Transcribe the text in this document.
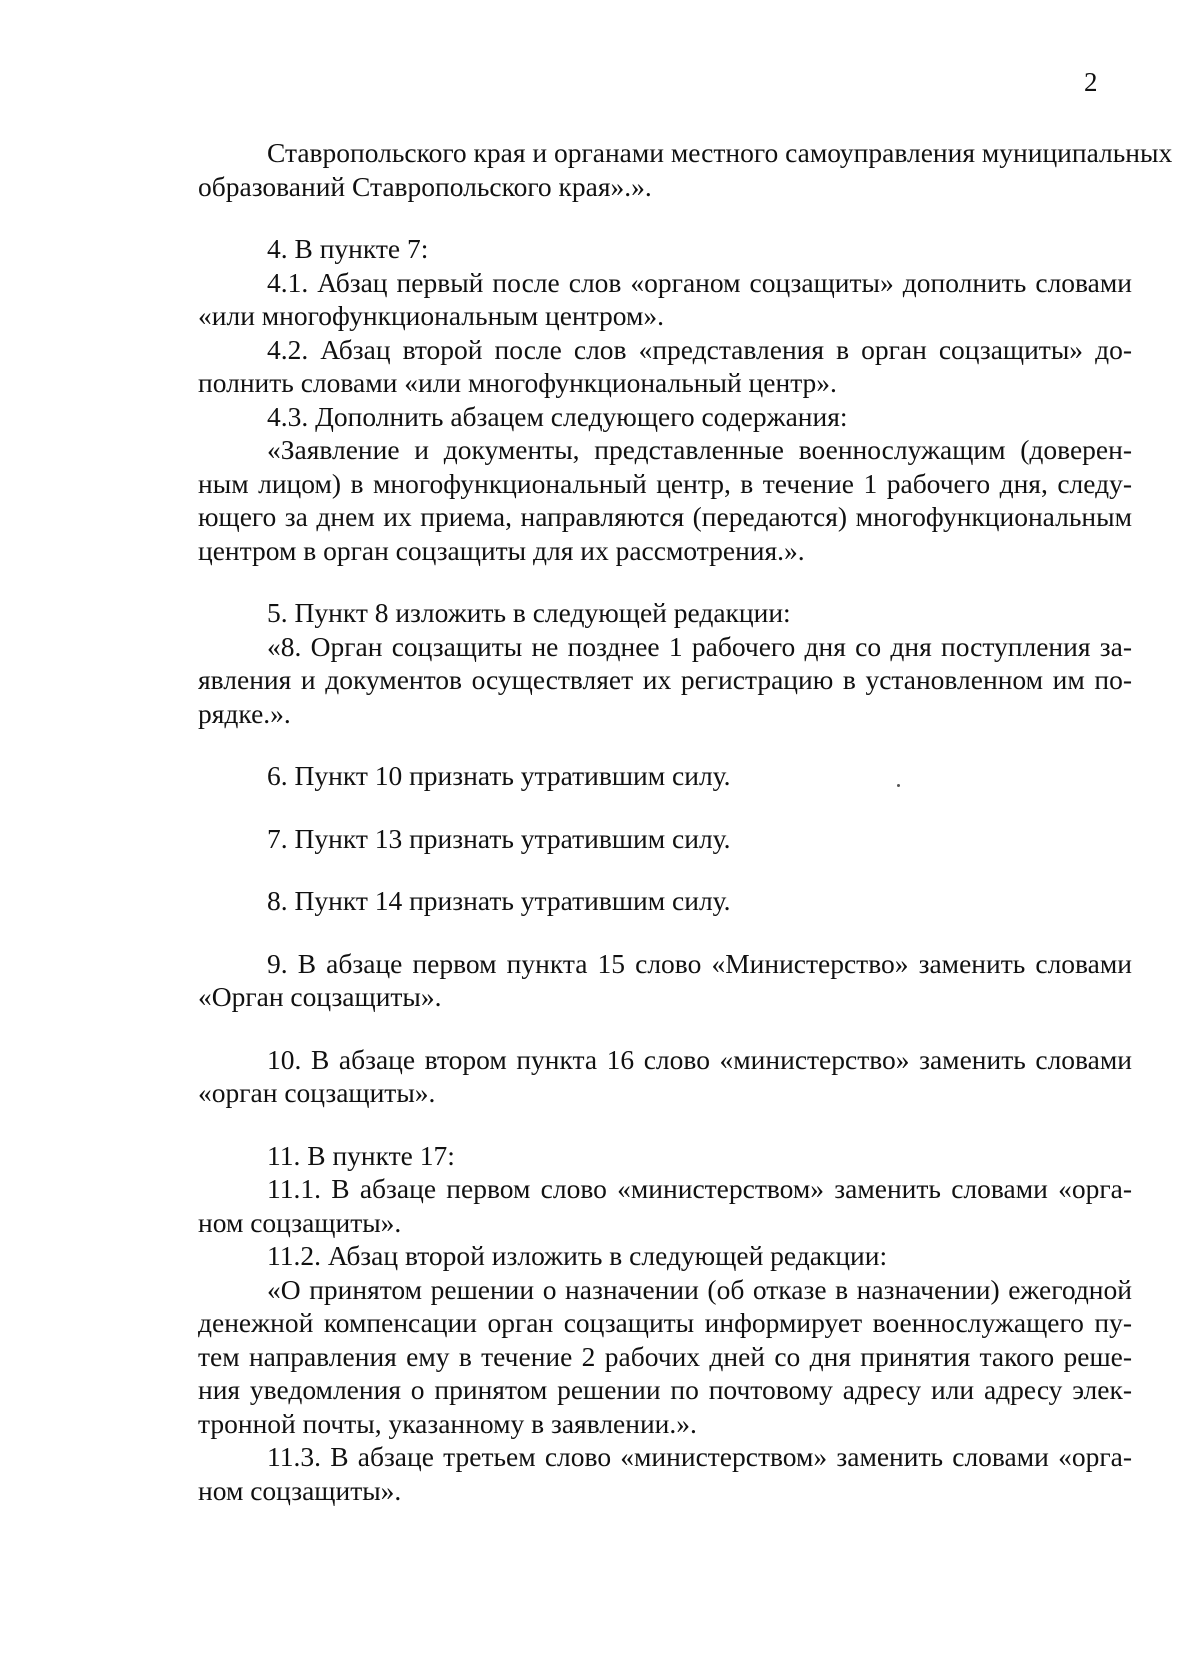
2
Ставропольского края и органами местного самоуправления муниципальных
образований Ставропольского края».».
4. В пункте 7:
4.1. Абзац первый после слов «органом соцзащиты» дополнить словами
«или многофункциональным центром».
4.2. Абзац второй после слов «представления в орган соцзащиты» до-
полнить словами «или многофункциональный центр».
4.3. Дополнить абзацем следующего содержания:
«Заявление и документы, представленные военнослужащим (доверен-
ным лицом) в многофункциональный центр, в течение 1 рабочего дня, следу-
ющего за днем их приема, направляются (передаются) многофункциональным
центром в орган соцзащиты для их рассмотрения.».
5. Пункт 8 изложить в следующей редакции:
«8. Орган соцзащиты не позднее 1 рабочего дня со дня поступления за-
явления и документов осуществляет их регистрацию в установленном им по-
рядке.».
6. Пункт 10 признать утратившим силу.
7. Пункт 13 признать утратившим силу.
8. Пункт 14 признать утратившим силу.
9. В абзаце первом пункта 15 слово «Министерство» заменить словами
«Орган соцзащиты».
10. В абзаце втором пункта 16 слово «министерство» заменить словами
«орган соцзащиты».
11. В пункте 17:
11.1. В абзаце первом слово «министерством» заменить словами «орга-
ном соцзащиты».
11.2. Абзац второй изложить в следующей редакции:
«О принятом решении о назначении (об отказе в назначении) ежегодной
денежной компенсации орган соцзащиты информирует военнослужащего пу-
тем направления ему в течение 2 рабочих дней со дня принятия такого реше-
ния уведомления о принятом решении по почтовому адресу или адресу элек-
тронной почты, указанному в заявлении.».
11.3. В абзаце третьем слово «министерством» заменить словами «орга-
ном соцзащиты».
